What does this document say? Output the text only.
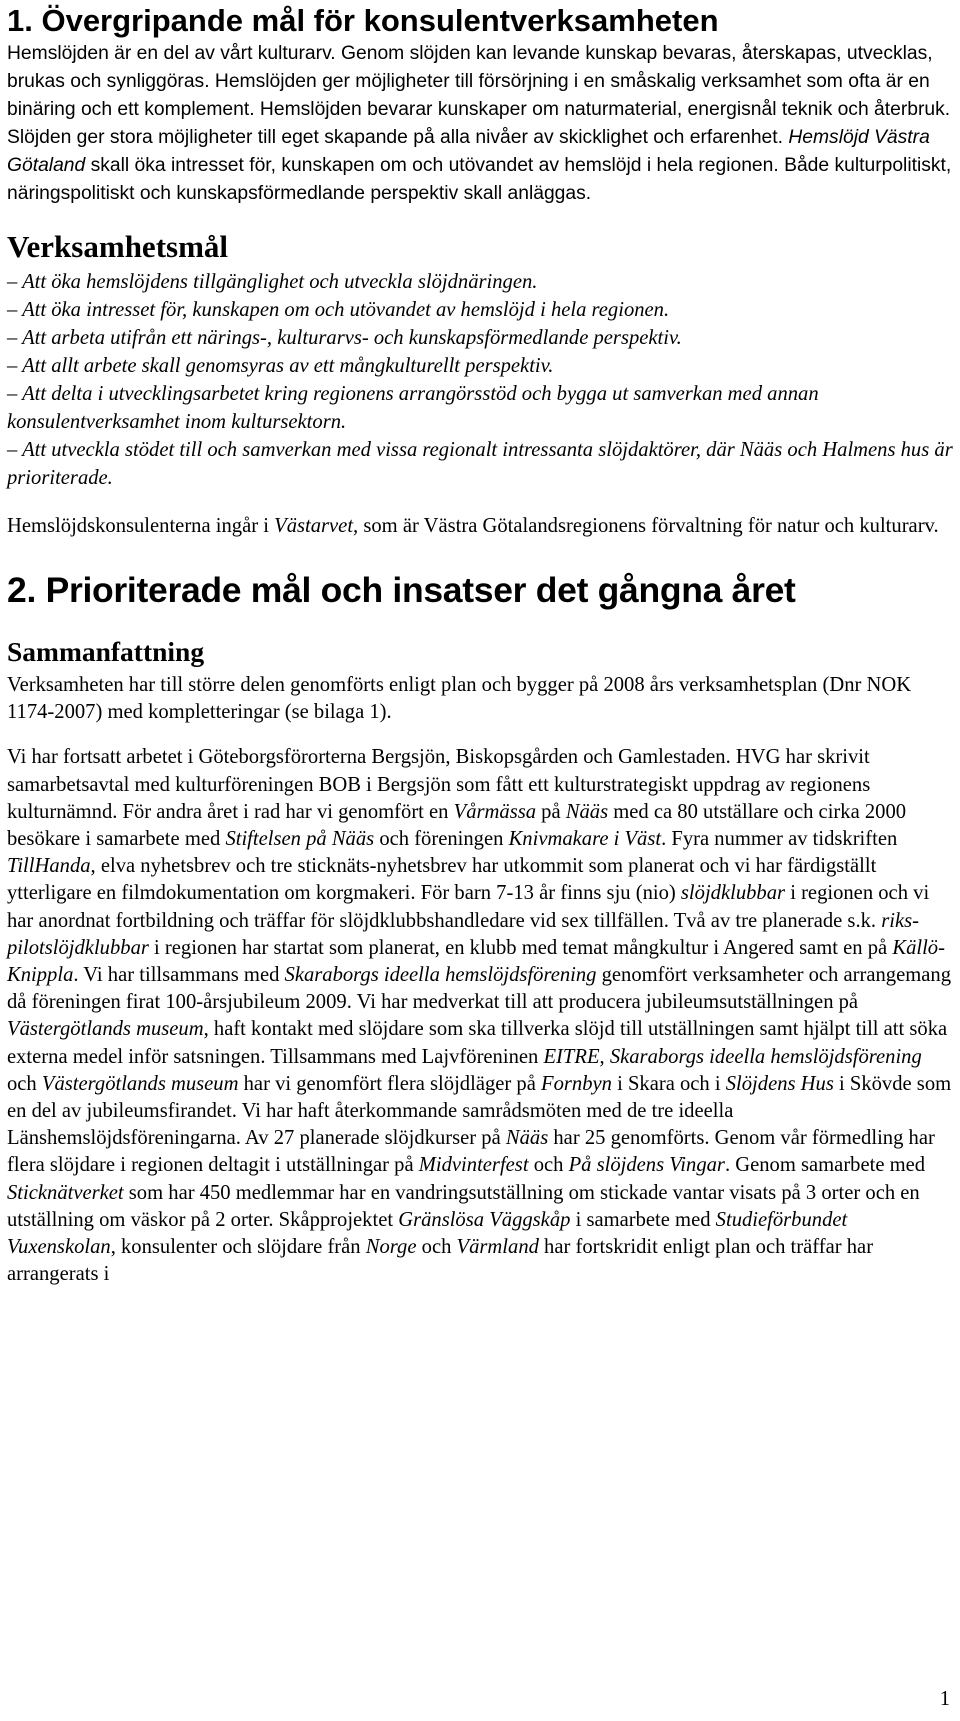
1. Övergripande mål för konsulentverksamheten

Hemslöjden är en del av vårt kulturarv. Genom slöjden kan levande kunskap bevaras, återskapas, utvecklas, brukas och synliggöras. Hemslöjden ger möjligheter till försörjning i en småskalig verksamhet som ofta är en binäring och ett komplement. Hemslöjden bevarar kunskaper om naturmaterial, energisnål teknik och återbruk. Slöjden ger stora möjligheter till eget skapande på alla nivåer av skicklighet och erfarenhet. Hemslöjd Västra Götaland skall öka intresset för, kunskapen om och utövandet av hemslöjd i hela regionen. Både kulturpolitiskt, näringspolitiskt och kunskapsförmedlande perspektiv skall anläggas.

Verksamhetsmål

– Att öka hemslöjdens tillgänglighet och utveckla slöjdnäringen.

– Att öka intresset för, kunskapen om och utövandet av hemslöjd i hela regionen.

– Att arbeta utifrån ett närings-, kulturarvs- och kunskapsförmedlande perspektiv.

– Att allt arbete skall genomsyras av ett mångkulturellt perspektiv.

– Att delta i utvecklingsarbetet kring regionens arrangörsstöd och bygga ut samverkan med annan konsulentverksamhet inom kultursektorn.

– Att utveckla stödet till och samverkan med vissa regionalt intressanta slöjdaktörer, där Nääs och Halmens hus är prioriterade.

Hemslöjdskonsulenterna ingår i Västarvet, som är Västra Götalandsregionens förvaltning för natur och kulturarv.

2. Prioriterade mål och insatser det gångna året
Sammanfattning

Verksamheten har till större delen genomförts enligt plan och bygger på 2008 års verksamhetsplan (Dnr NOK 1174-2007) med kompletteringar (se bilaga 1).

Vi har fortsatt arbetet i Göteborgsförorterna Bergsjön, Biskopsgården och Gamlestaden. HVG har skrivit samarbetsavtal med kulturföreningen BOB i Bergsjön som fått ett kulturstrategiskt uppdrag av regionens kulturnämnd. För andra året i rad har vi genomfört en Vårmässa på Nääs med ca 80 utställare och cirka 2000 besökare i samarbete med Stiftelsen på Nääs och föreningen Knivmakare i Väst. Fyra nummer av tidskriften TillHanda, elva nyhetsbrev och tre sticknäts-nyhetsbrev har utkommit som planerat och vi har färdigställt ytterligare en filmdokumentation om korgmakeri. För barn 7-13 år finns sju (nio) slöjdklubbar i regionen och vi har anordnat fortbildning och träffar för slöjdklubbshandledare vid sex tillfällen. Två av tre planerade s.k. riks-pilotslöjdklubbar i regionen har startat som planerat, en klubb med temat mångkultur i Angered samt en på Källö-Knippla. Vi har tillsammans med Skaraborgs ideella hemslöjdsförening genomfört verksamheter och arrangemang då föreningen firat 100-årsjubileum 2009. Vi har medverkat till att producera jubileumsutställningen på Västergötlands museum, haft kontakt med slöjdare som ska tillverka slöjd till utställningen samt hjälpt till att söka externa medel inför satsningen. Tillsammans med Lajvföreninen EITRE, Skaraborgs ideella hemslöjdsförening och Västergötlands museum har vi genomfört flera slöjdläger på Fornbyn i Skara och i Slöjdens Hus i Skövde som en del av jubileumsfirandet. Vi har haft återkommande samrådsmöten med de tre ideella Länshemslöjdsföreningarna. Av 27 planerade slöjdkurser på Nääs har 25 genomförts. Genom vår förmedling har flera slöjdare i regionen deltagit i utställningar på Midvinterfest och På slöjdens Vingar. Genom samarbete med Sticknätverket som har 450 medlemmar har en vandringsutställning om stickade vantar visats på 3 orter och en utställning om väskor på 2 orter. Skåpprojektet Gränslösa Väggskåp i samarbete med Studieförbundet Vuxenskolan, konsulenter och slöjdare från Norge och Värmland har fortskridit enligt plan och träffar har arrangerats i

1
